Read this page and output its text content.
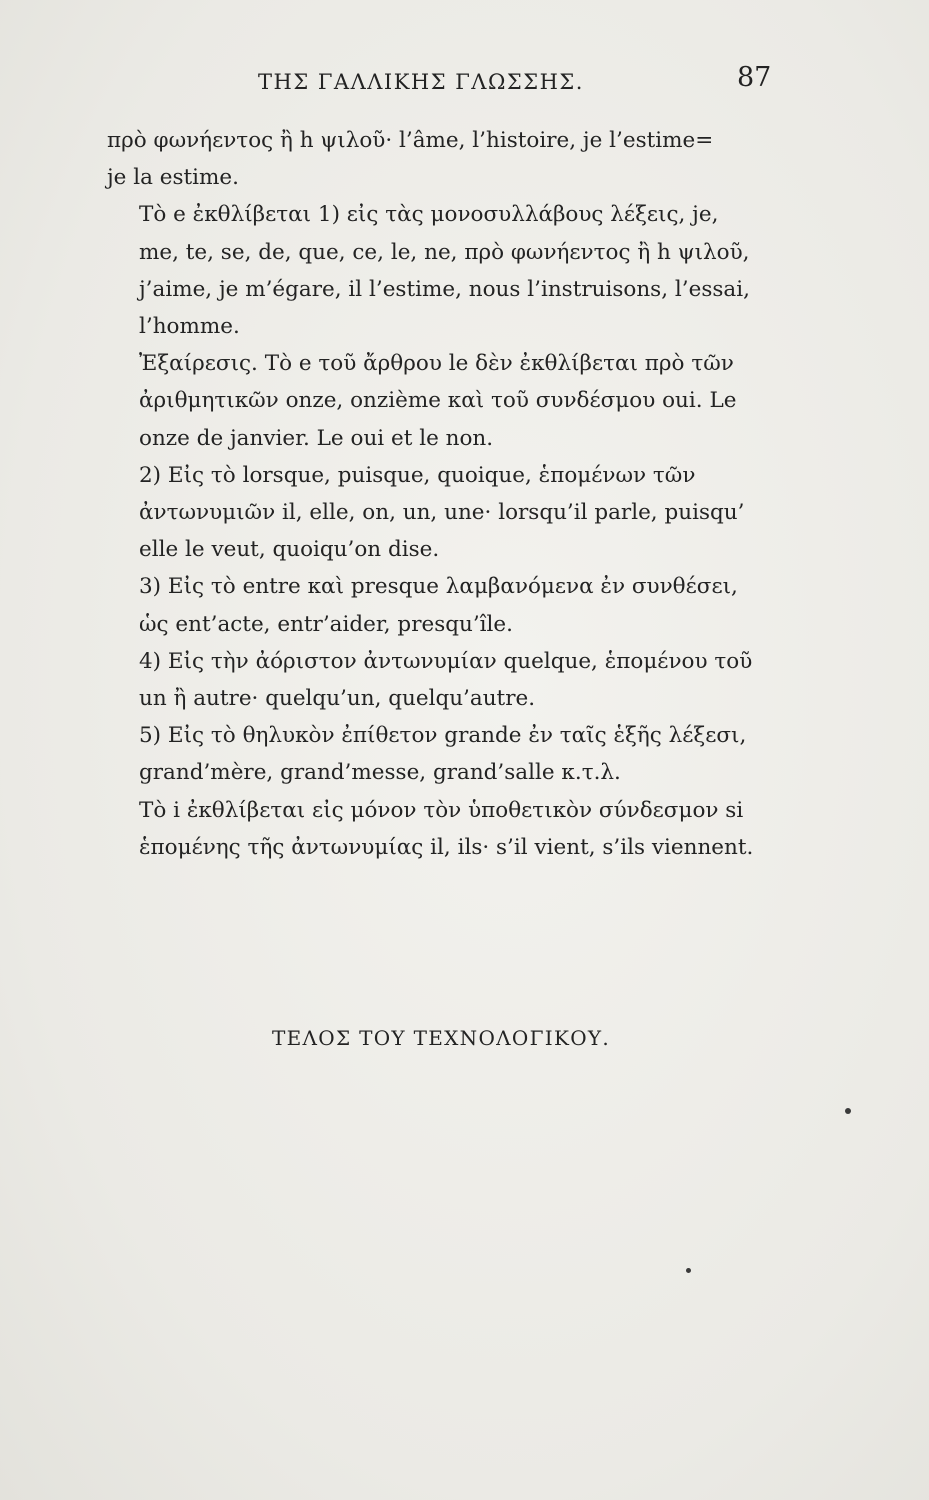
ΤΗΣ ΓΑΛΛΙΚΗΣ ΓΛΩΣΣΗΣ.	87

πρὸ φωνήεντος ἢ h ψιλοῦ· l’âme, l’histoire, je l’estime=
je la estime.

Τὸ e ἐκθλίβεται 1) εἰς τὰς μονοσυλλάβους λέξεις, je,
me, te, se, de, que, ce, le, ne, πρὸ φωνήεντος ἢ h ψιλοῦ,
j’aime, je m’égare, il l’estime, nous l’instruisons, l’essai,
l’homme.

Ἐξαίρεσις. Τὸ e τοῦ ἄρθρου le δὲν ἐκθλίβεται πρὸ τῶν
ἀριθμητικῶν onze, onzième καὶ τοῦ συνδέσμου oui. Le
onze de janvier. Le oui et le non.

2) Εἰς τὸ lorsque, puisque, quoique, ἑπομένων τῶν
ἀντωνυμιῶν il, elle, on, un, une· lorsqu’il parle, puisqu’
elle le veut, quoiqu’on dise.

3) Εἰς τὸ entre καὶ presque λαμβανόμενα ἐν συνθέσει,
ὡς ent’acte, entr’aider, presqu’île.

4) Εἰς τὴν ἀόριστον ἀντωνυμίαν quelque, ἑπομένου τοῦ
un ἢ autre· quelqu’un, quelqu’autre.

5) Εἰς τὸ θηλυκὸν ἐπίθετον grande ἐν ταῖς ἑξῆς λέξεσι,
grand’mère, grand’messe, grand’salle κ.τ.λ.

Τὸ i ἐκθλίβεται εἰς μόνον τὸν ὑποθετικὸν σύνδεσμον si
ἑπομένης τῆς ἀντωνυμίας il, ils· s’il vient, s’ils viennent.

ΤΕΛΟΣ ΤΟΥ ΤΕΧΝΟΛΟΓΙΚΟΥ.
